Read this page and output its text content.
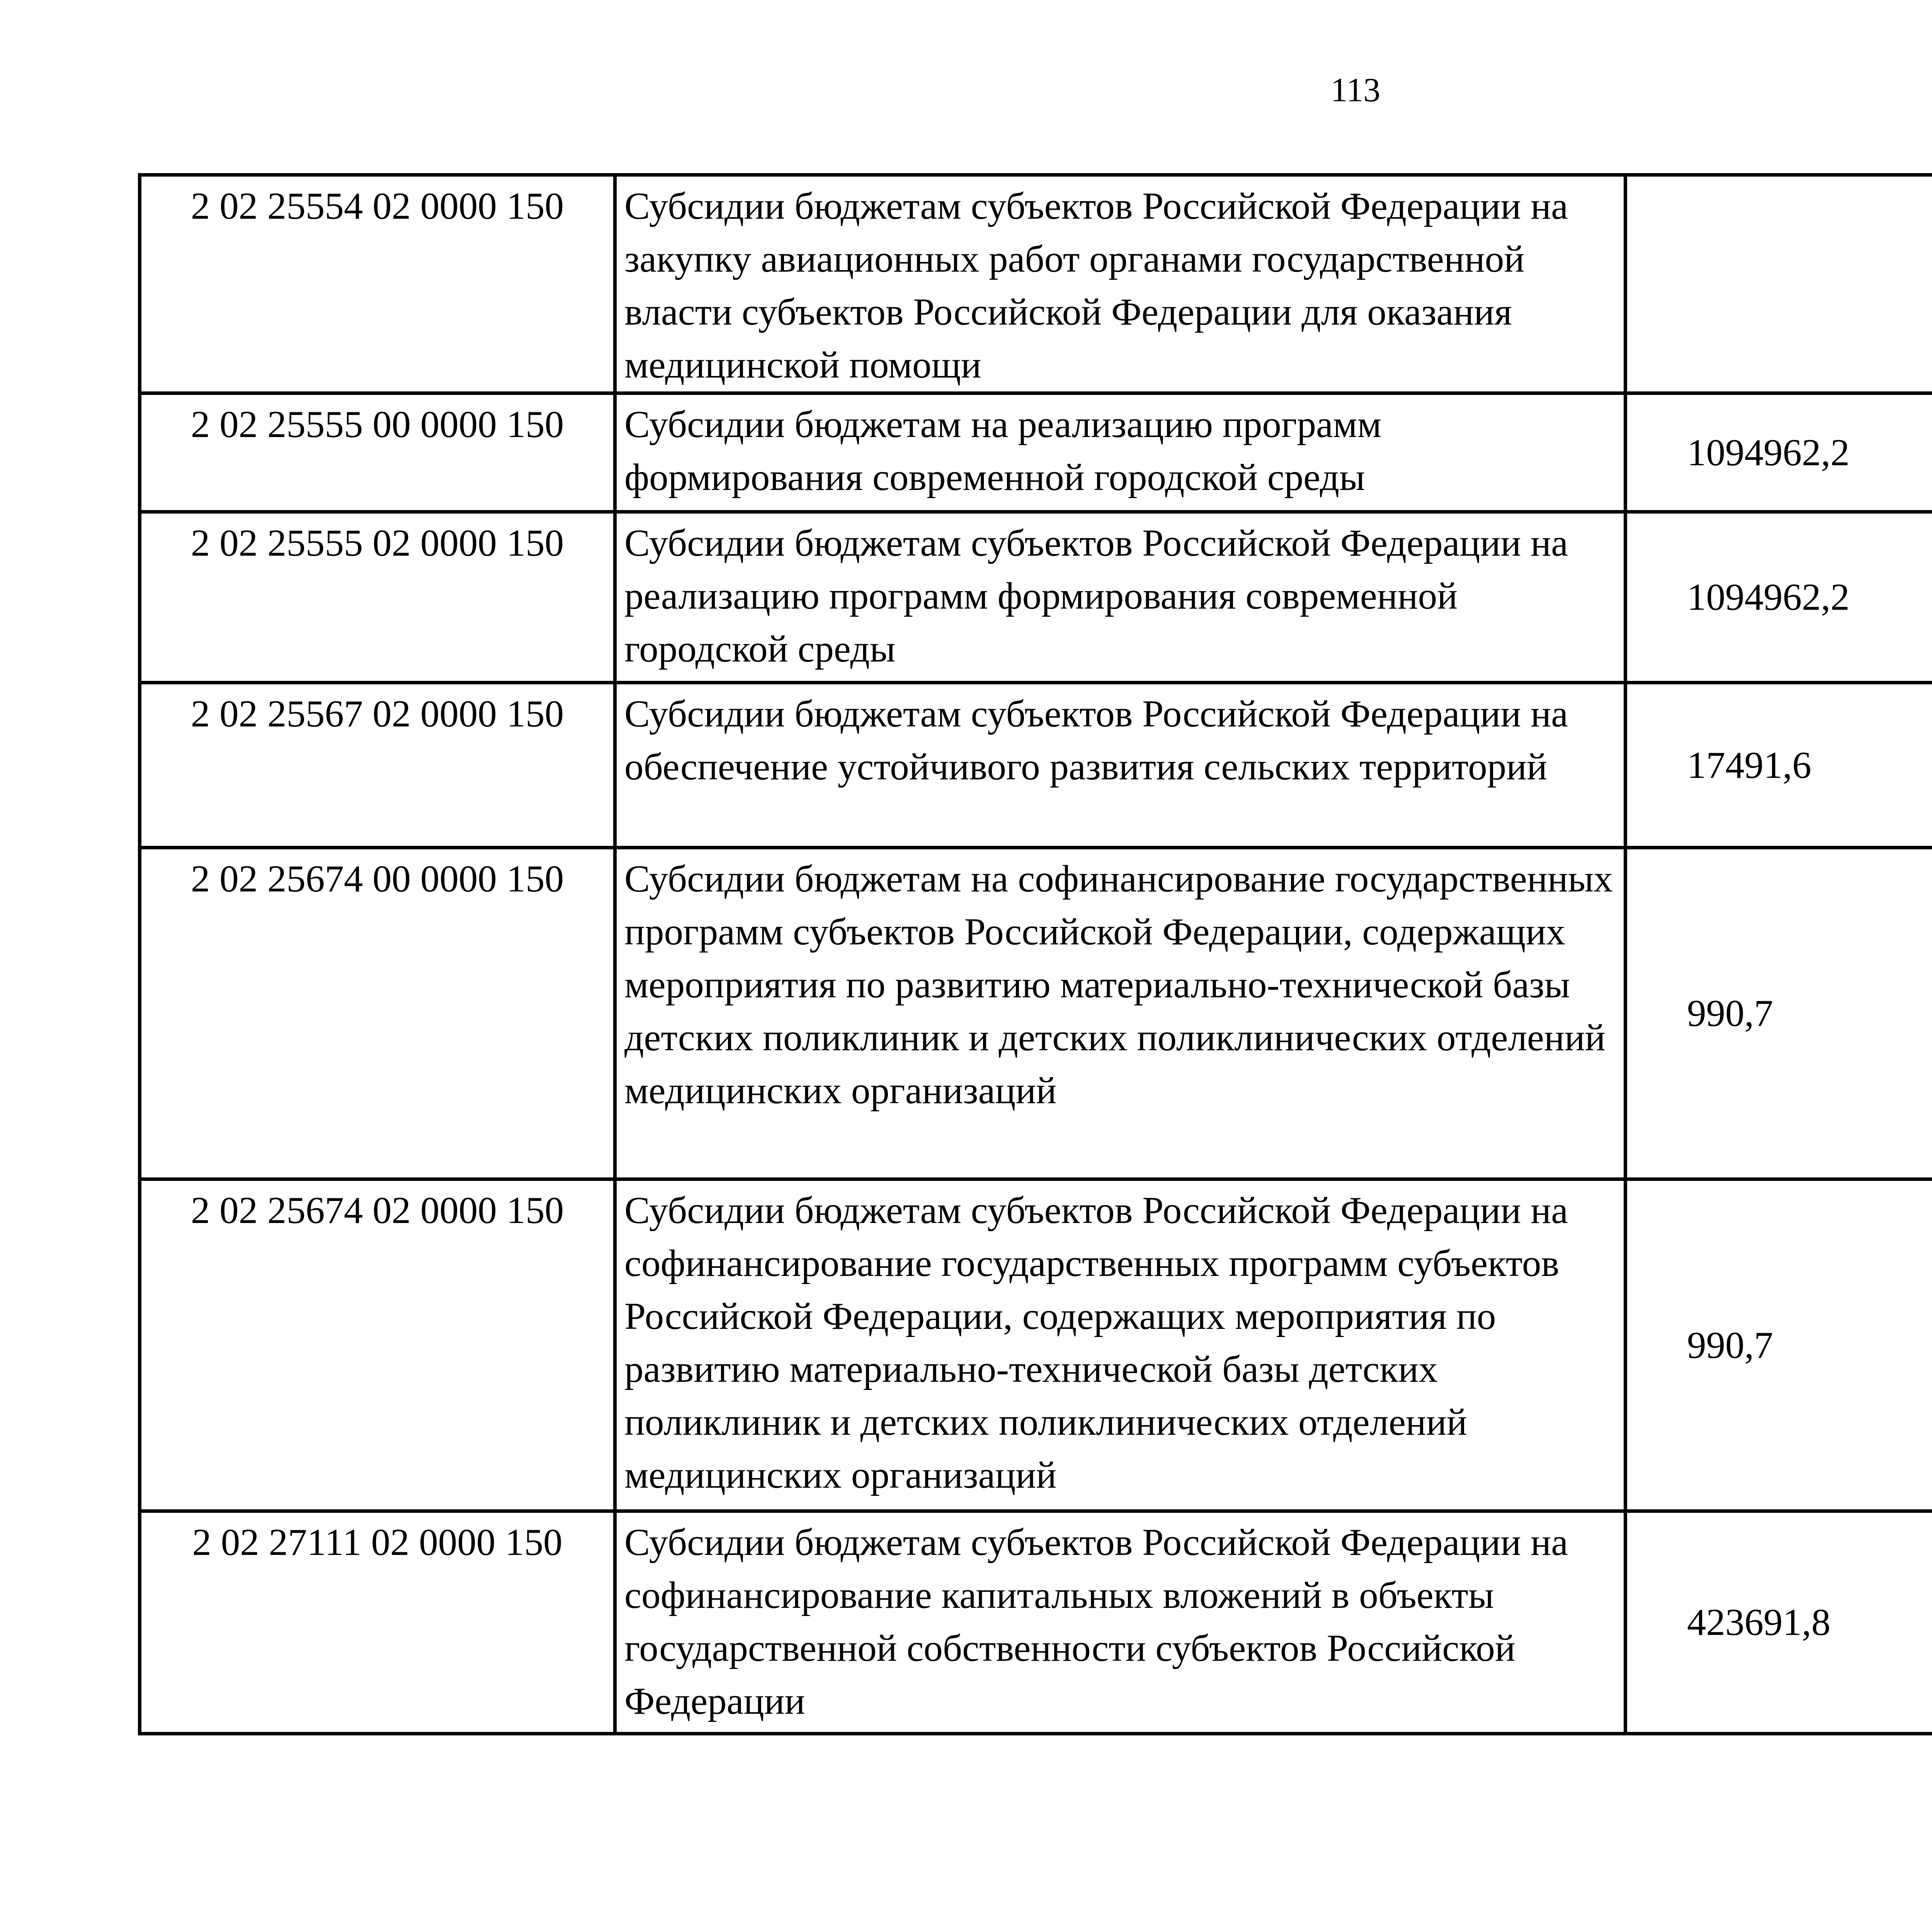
113
2 02 25554 02 0000 150	Субсидии бюджетам субъектов Российской Федерации на закупку авиационных работ органами государственной власти субъектов Российской Федерации для оказания медицинской помощи			
2 02 25555 00 0000 150	Субсидии бюджетам на реализацию программ формирования современной городской среды	1094962,2		
2 02 25555 02 0000 150	Субсидии бюджетам субъектов Российской Федерации на реализацию программ формирования современной городской среды	1094962,2		
2 02 25567 02 0000 150	Субсидии бюджетам субъектов Российской Федерации на обеспечение устойчивого развития сельских территорий	17491,6		
2 02 25674 00 0000 150	Субсидии бюджетам на софинансирование государственных программ субъектов Российской Федерации, содержащих мероприятия по развитию материально-технической базы детских поликлиник и детских поликлинических отделений медицинских организаций	990,7		
2 02 25674 02 0000 150	Субсидии бюджетам субъектов Российской Федерации на софинансирование государственных программ субъектов Российской Федерации, содержащих мероприятия по развитию материально-технической базы детских поликлиник и детских поликлинических отделений медицинских организаций	990,7		
2 02 27111 02 0000 150	Субсидии бюджетам субъектов Российской Федерации на софинансирование капитальных вложений в объекты государственной собственности субъектов Российской Федерации	423691,8		
